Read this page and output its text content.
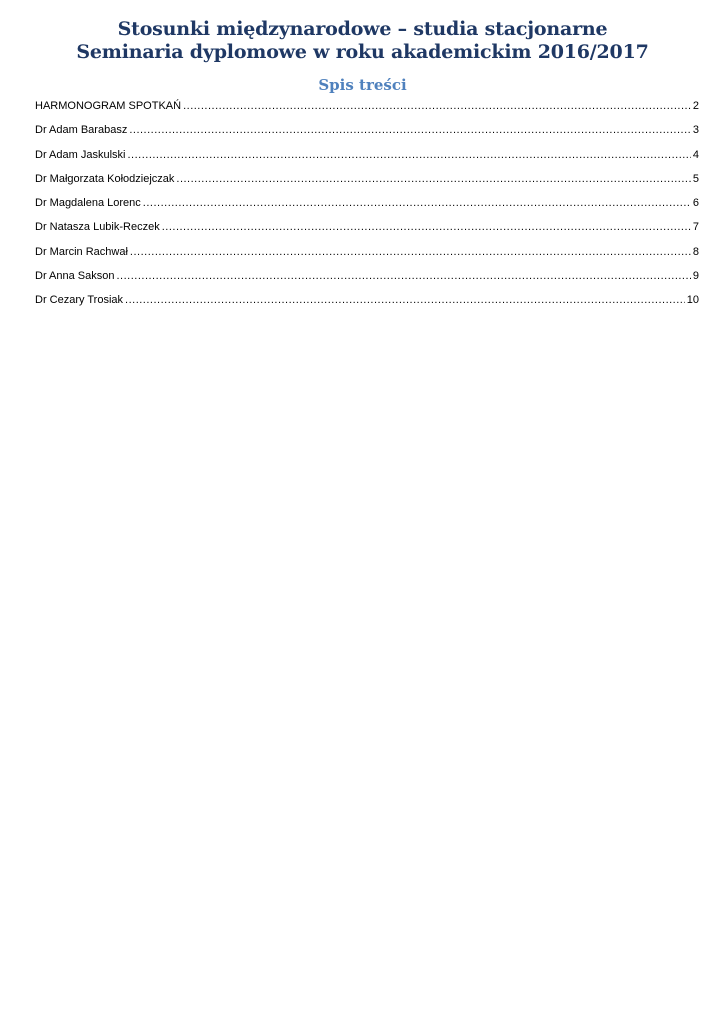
Stosunki międzynarodowe – studia stacjonarne
Seminaria dyplomowe w roku akademickim 2016/2017
Spis treści
HARMONOGRAM SPOTKAŃ .....	2
Dr Adam Barabasz .....	3
Dr Adam Jaskulski .....	4
Dr Małgorzata Kołodziejczak .....	5
Dr Magdalena Lorenc .....	6
Dr Natasza Lubik-Reczek .....	7
Dr Marcin Rachwał .....	8
Dr Anna Sakson .....	9
Dr Cezary Trosiak .....	10
